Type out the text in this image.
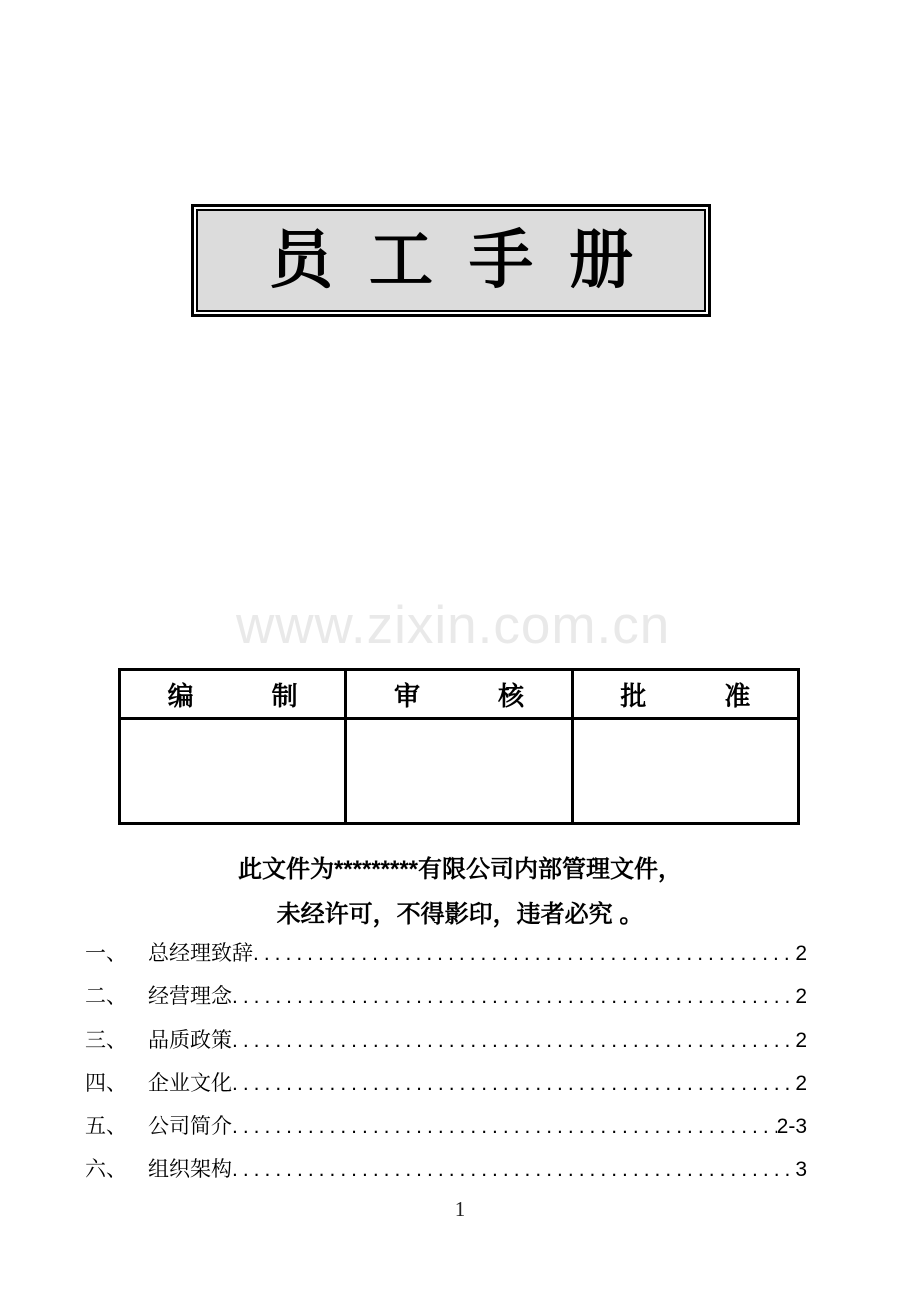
员 工 手 册
www.zixin.com.cn
编 制	审 核	批 准

此文件为*********有限公司内部管理文件，
未经许可，不得影印，违者必究 。
一、	总经理致辞 .....	2
二、	经营理念 .....	2
三、	品质政策 .....	2
四、	企业文化 .....	2
五、	公司简介 .....	2-3
六、	组织架构 .....	3
1
